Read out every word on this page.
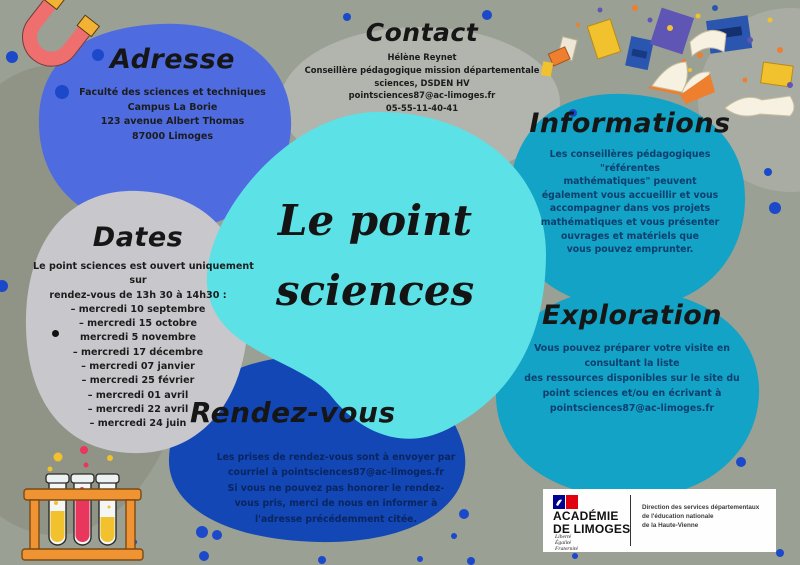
Adresse
Faculté des sciences et techniques
Campus La Borie
123 avenue Albert Thomas
87000 Limoges
Contact
Hélène Reynet
Conseillère pédagogique mission départementale
sciences, DSDEN HV
pointsciences87@ac-limoges.fr
05-55-11-40-41	Informations
Les conseillères pédagogiques
"référentes
mathématiques" peuvent
également vous accueillir et vous
accompagner dans vos projets
mathématiques et vous présenter
ouvrages et matériels que
vous pouvez emprunter.
Dates
Le point sciences est ouvert uniquement
sur
rendez-vous de 13h 30 à 14h30 :
– mercredi 10 septembre
– mercredi 15 octobre
mercredi 5 novembre
– mercredi 17 décembre
– mercredi 07 janvier
– mercredi 25 février
– mercredi 01 avril
– mercredi 22 avril
– mercredi 24 juin
Exploration
Vous pouvez préparer votre visite en
consultant la liste
des ressources disponibles sur le site du
point sciences et/ou en écrivant à
pointsciences87@ac-limoges.fr
Rendez-vous
Les prises de rendez-vous sont à envoyer par
courriel à pointsciences87@ac-limoges.fr
Si vous ne pouvez pas honorer le rendez-
vous pris, merci de nous en informer à
l'adresse précédemment citée.
Le point
sciences
ACADÉMIE
DE LIMOGES
Liberté
Égalité
Fraternité
Direction des services départementaux
de l'éducation nationale
de la Haute-Vienne
